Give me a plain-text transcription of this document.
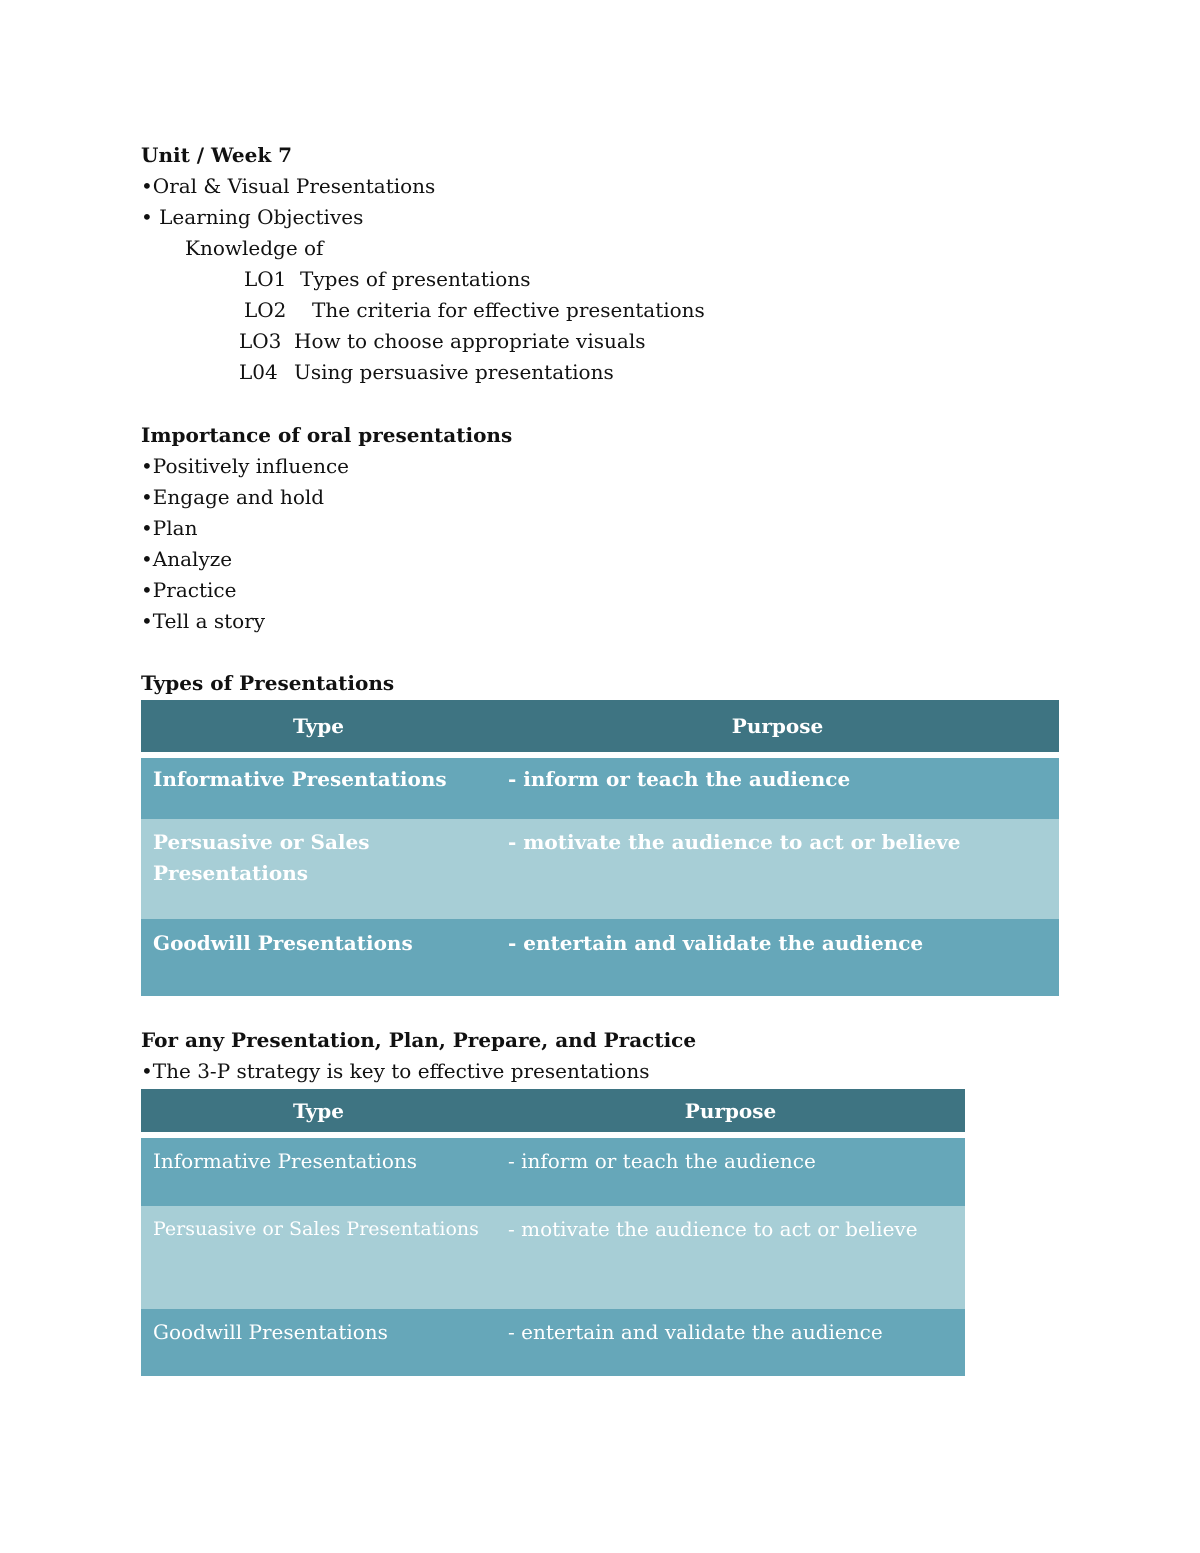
Unit / Week 7
•Oral & Visual Presentations
• Learning Objectives
Knowledge of
LO1 Types of presentations
LO2 The criteria for effective presentations
LO3 How to choose appropriate visuals
L04 Using persuasive presentations
Importance of oral presentations
•Positively influence
•Engage and hold
•Plan
•Analyze
•Practice
•Tell a story
Types of Presentations
Type	Purpose

Informative Presentations	- inform or teach the audience

Persuasive or Sales Presentations	- motivate the audience to act or believe

Goodwill Presentations	- entertain and validate the audience
For any Presentation, Plan, Prepare, and Practice
•The 3-P strategy is key to effective presentations
Type	Purpose

Informative Presentations	- inform or teach the audience

Persuasive or Sales Presentations	- motivate the audience to act or believe

Goodwill Presentations	- entertain and validate the audience
